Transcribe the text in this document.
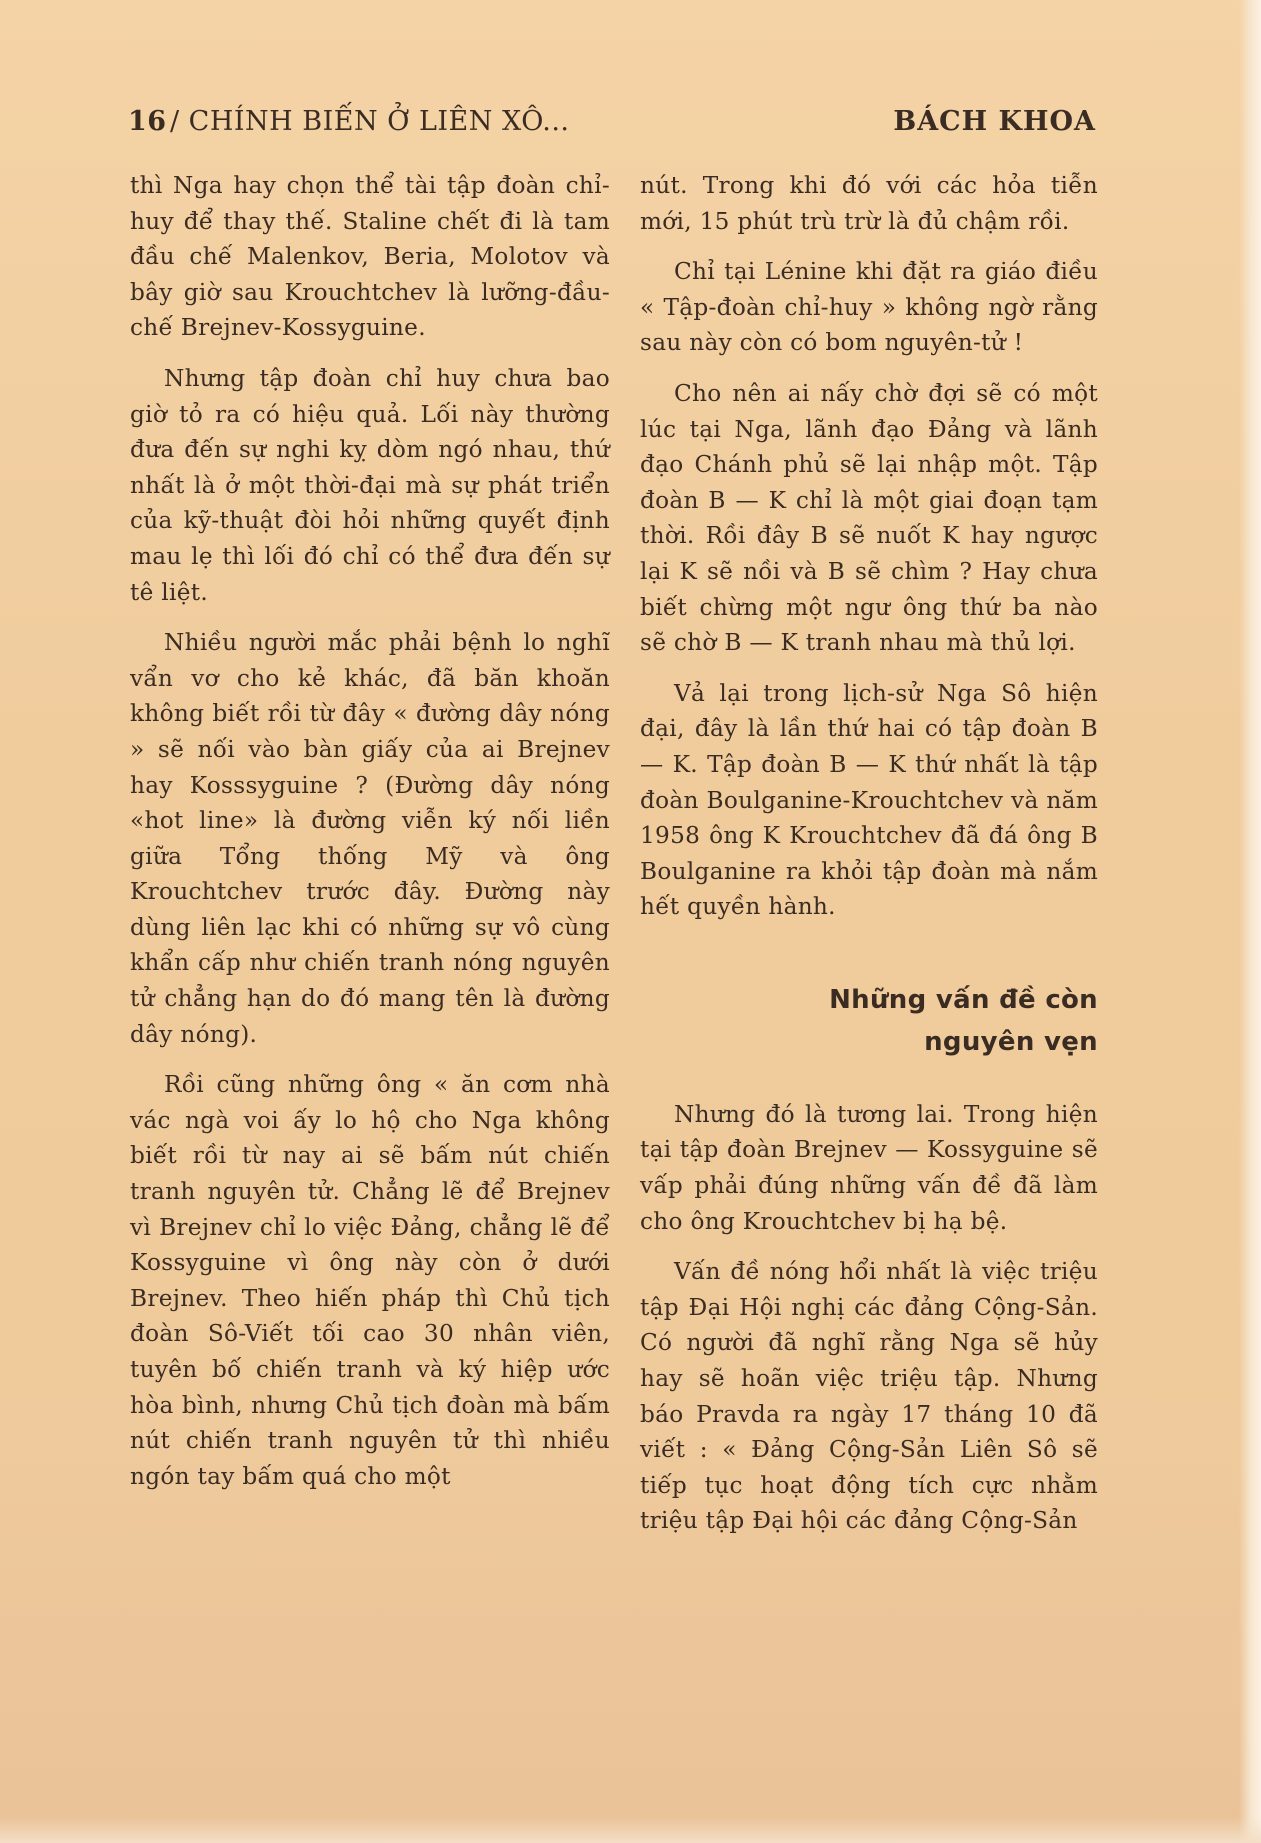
16 / CHÍNH BIẾN Ở LIÊN XÔ...	BÁCH KHOA

thì Nga hay chọn thể tài tập đoàn chỉ-huy để thay thế. Staline chết đi là tam đầu chế Malenkov, Beria, Molotov và bây giờ sau Krouchtchev là lưỡng-đầu-chế Brejnev-Kossyguine.

Nhưng tập đoàn chỉ huy chưa bao giờ tỏ ra có hiệu quả. Lối này thường đưa đến sự nghi kỵ dòm ngó nhau, thứ nhất là ở một thời-đại mà sự phát triển của kỹ-thuật đòi hỏi những quyết định mau lẹ thì lối đó chỉ có thể đưa đến sự tê liệt.

Nhiều người mắc phải bệnh lo nghĩ vẩn vơ cho kẻ khác, đã băn khoăn không biết rồi từ đây « đường dây nóng » sẽ nối vào bàn giấy của ai Brejnev hay Kosssyguine ? (Đường dây nóng «hot line» là đường viễn ký nối liền giữa Tổng thống Mỹ và ông Krouchtchev trước đây. Đường này dùng liên lạc khi có những sự vô cùng khẩn cấp như chiến tranh nóng nguyên tử chẳng hạn do đó mang tên là đường dây nóng).

Rồi cũng những ông « ăn cơm nhà vác ngà voi ấy lo hộ cho Nga không biết rồi từ nay ai sẽ bấm nút chiến tranh nguyên tử. Chẳng lẽ để Brejnev vì Brejnev chỉ lo việc Đảng, chẳng lẽ để Kossyguine vì ông này còn ở dưới Brejnev. Theo hiến pháp thì Chủ tịch đoàn Sô-Viết tối cao 30 nhân viên, tuyên bố chiến tranh và ký hiệp ước hòa bình, nhưng Chủ tịch đoàn mà bấm nút chiến tranh nguyên tử thì nhiều ngón tay bấm quá cho một

nút. Trong khi đó với các hỏa tiễn mới, 15 phút trù trừ là đủ chậm rồi.

Chỉ tại Lénine khi đặt ra giáo điều « Tập-đoàn chỉ-huy » không ngờ rằng sau này còn có bom nguyên-tử !

Cho nên ai nấy chờ đợi sẽ có một lúc tại Nga, lãnh đạo Đảng và lãnh đạo Chánh phủ sẽ lại nhập một. Tập đoàn B — K chỉ là một giai đoạn tạm thời. Rồi đây B sẽ nuốt K hay ngược lại K sẽ nồi và B sẽ chìm ? Hay chưa biết chừng một ngư ông thứ ba nào sẽ chờ B — K tranh nhau mà thủ lợi.

Vả lại trong lịch-sử Nga Sô hiện đại, đây là lần thứ hai có tập đoàn B — K. Tập đoàn B — K thứ nhất là tập đoàn Boulganine-Krouchtchev và năm 1958 ông K Krouchtchev đã đá ông B Boulganine ra khỏi tập đoàn mà nắm hết quyền hành.

Những vấn đề còn
nguyên vẹn

Nhưng đó là tương lai. Trong hiện tại tập đoàn Brejnev — Kossyguine sẽ vấp phải đúng những vấn đề đã làm cho ông Krouchtchev bị hạ bệ.

Vấn đề nóng hổi nhất là việc triệu tập Đại Hội nghị các đảng Cộng-Sản. Có người đã nghĩ rằng Nga sẽ hủy hay sẽ hoãn việc triệu tập. Nhưng báo Pravda ra ngày 17 tháng 10 đã viết : « Đảng Cộng-Sản Liên Sô sẽ tiếp tục hoạt động tích cực nhằm triệu tập Đại hội các đảng Cộng-Sản
